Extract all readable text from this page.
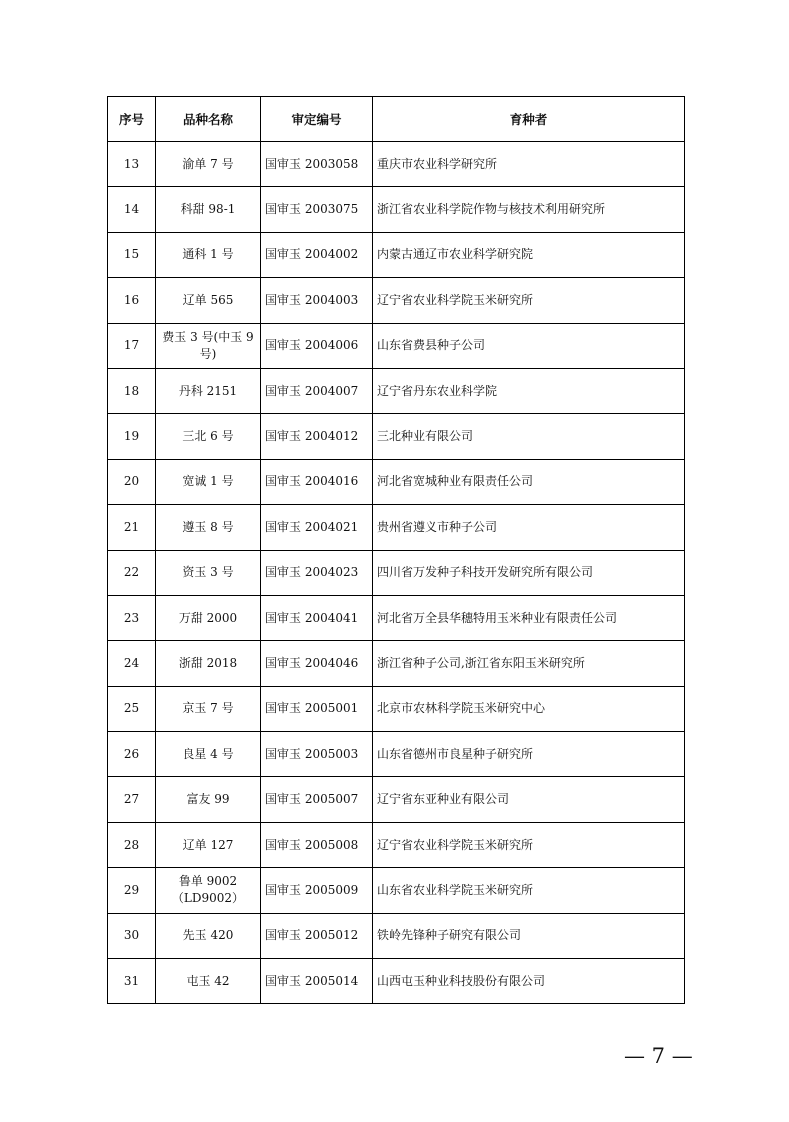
序号	品种名称	审定编号	育种者
13	渝单 7 号	国审玉 2003058	重庆市农业科学研究所
14	科甜 98-1	国审玉 2003075	浙江省农业科学院作物与核技术利用研究所
15	通科 1 号	国审玉 2004002	内蒙古通辽市农业科学研究院
16	辽单 565	国审玉 2004003	辽宁省农业科学院玉米研究所
17	费玉 3 号(中玉 9 号)	国审玉 2004006	山东省费县种子公司
18	丹科 2151	国审玉 2004007	辽宁省丹东农业科学院
19	三北 6 号	国审玉 2004012	三北种业有限公司
20	宽诚 1 号	国审玉 2004016	河北省宽城种业有限责任公司
21	遵玉 8 号	国审玉 2004021	贵州省遵义市种子公司
22	资玉 3 号	国审玉 2004023	四川省万发种子科技开发研究所有限公司
23	万甜 2000	国审玉 2004041	河北省万全县华穗特用玉米种业有限责任公司
24	浙甜 2018	国审玉 2004046	浙江省种子公司,浙江省东阳玉米研究所
25	京玉 7 号	国审玉 2005001	北京市农林科学院玉米研究中心
26	良星 4 号	国审玉 2005003	山东省德州市良星种子研究所
27	富友 99	国审玉 2005007	辽宁省东亚种业有限公司
28	辽单 127	国审玉 2005008	辽宁省农业科学院玉米研究所
29	鲁单 9002（LD9002）	国审玉 2005009	山东省农业科学院玉米研究所
30	先玉 420	国审玉 2005012	铁岭先锋种子研究有限公司
31	屯玉 42	国审玉 2005014	山西屯玉种业科技股份有限公司
— 7 —
